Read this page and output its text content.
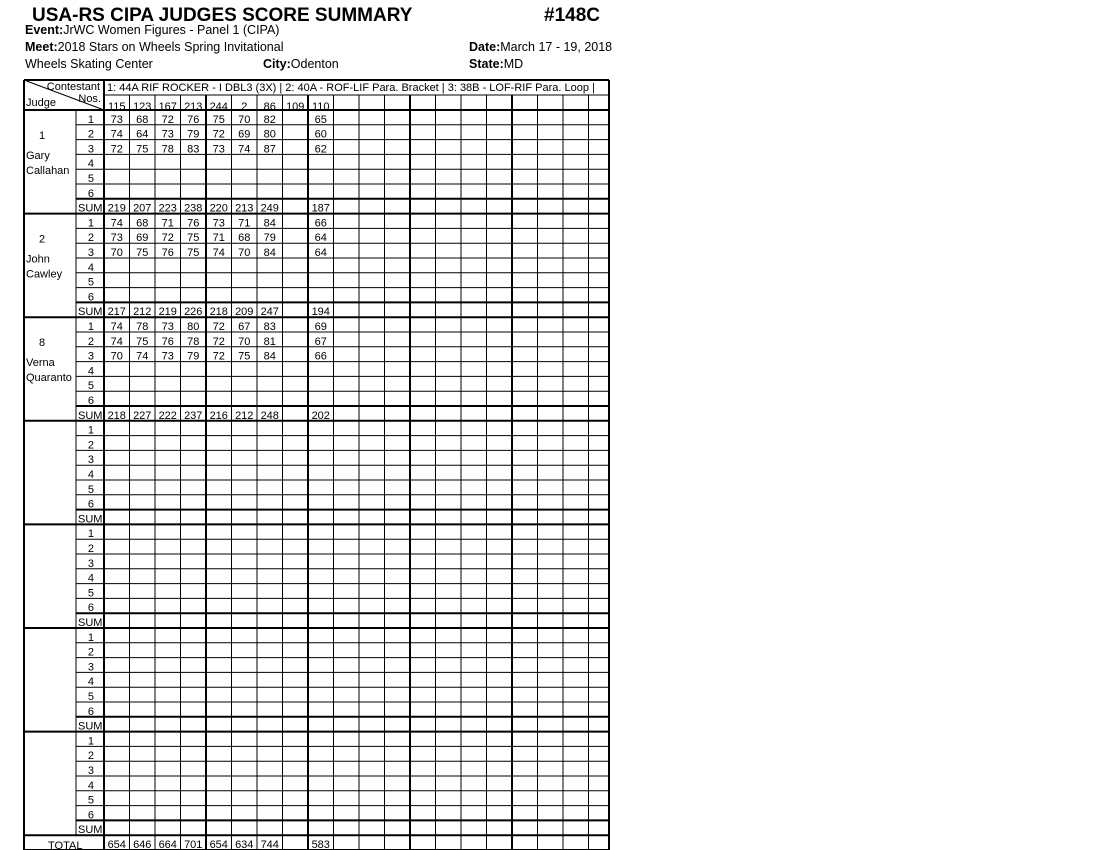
USA-RS CIPA JUDGES SCORE SUMMARY	#148C
Event:JrWC Women Figures - Panel 1 (CIPA)
Meet:2018 Stars on Wheels Spring Invitational	Date:March 17 - 19, 2018
Wheels Skating Center	City:Odenton	State:MD
Contestant
Nos.
Judge
1: 44A RIF ROCKER - I DBL3 (3X) | 2: 40A - ROF-LIF Para. Bracket | 3: 38B - LOF-RIF Para. Loop |
115 123 167 213 244 2 86 109 110
1
Gary
Callahan
1 73 68 72 76 75 70 82	65
2 74 64 73 79 72 69 80	60
3 72 75 78 83 73 74 87	62
4
5
6
SUM 219 207 223 238 220 213 249	187
2
John
Cawley
1 74 68 71 76 73 71 84	66
2 73 69 72 75 71 68 79	64
3 70 75 76 75 74 70 84	64
4
5
6
SUM 217 212 219 226 218 209 247	194
8
Verna
Quaranto
1 74 78 73 80 72 67 83	69
2 74 75 76 78 72 70 81	67
3 70 74 73 79 72 75 84	66
4
5
6
SUM 218 227 222 237 216 212 248	202
1
2
3
4
5
6
SUM
1
2
3
4
5
6
SUM
1
2
3
4
5
6
SUM
1
2
3
4
5
6
SUM
TOTAL 654 646 664 701 654 634 744	583
